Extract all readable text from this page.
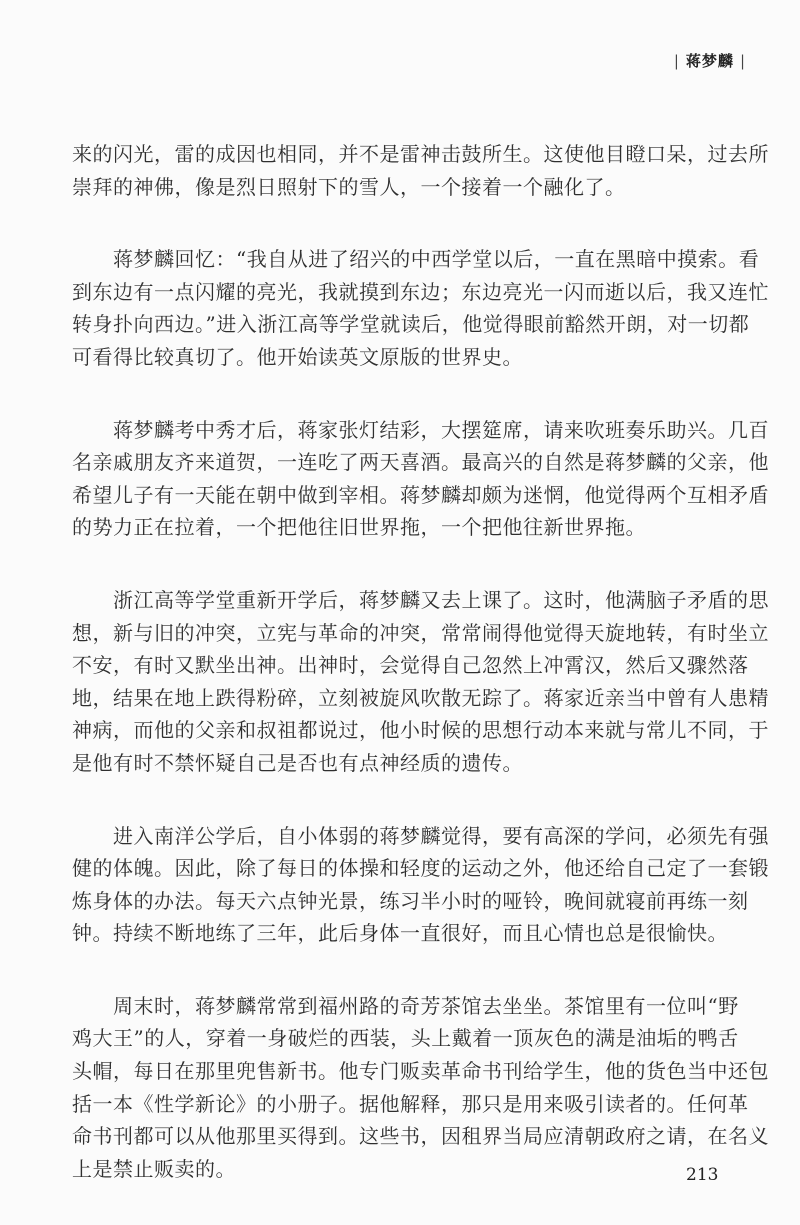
| 蒋梦麟 |
来的闪光，雷的成因也相同，并不是雷神击鼓所生。这使他目瞪口呆，过去所
崇拜的神佛，像是烈日照射下的雪人，一个接着一个融化了。
　　蒋梦麟回忆：“我自从进了绍兴的中西学堂以后，一直在黑暗中摸索。看
到东边有一点闪耀的亮光，我就摸到东边；东边亮光一闪而逝以后，我又连忙
转身扑向西边。”进入浙江高等学堂就读后，他觉得眼前豁然开朗，对一切都
可看得比较真切了。他开始读英文原版的世界史。
　　蒋梦麟考中秀才后，蒋家张灯结彩，大摆筵席，请来吹班奏乐助兴。几百
名亲戚朋友齐来道贺，一连吃了两天喜酒。最高兴的自然是蒋梦麟的父亲，他
希望儿子有一天能在朝中做到宰相。蒋梦麟却颇为迷惘，他觉得两个互相矛盾
的势力正在拉着，一个把他往旧世界拖，一个把他往新世界拖。
　　浙江高等学堂重新开学后，蒋梦麟又去上课了。这时，他满脑子矛盾的思
想，新与旧的冲突，立宪与革命的冲突，常常闹得他觉得天旋地转，有时坐立
不安，有时又默坐出神。出神时，会觉得自己忽然上冲霄汉，然后又骤然落
地，结果在地上跌得粉碎，立刻被旋风吹散无踪了。蒋家近亲当中曾有人患精
神病，而他的父亲和叔祖都说过，他小时候的思想行动本来就与常儿不同，于
是他有时不禁怀疑自己是否也有点神经质的遗传。
　　进入南洋公学后，自小体弱的蒋梦麟觉得，要有高深的学问，必须先有强
健的体魄。因此，除了每日的体操和轻度的运动之外，他还给自己定了一套锻
炼身体的办法。每天六点钟光景，练习半小时的哑铃，晚间就寝前再练一刻
钟。持续不断地练了三年，此后身体一直很好，而且心情也总是很愉快。
　　周末时，蒋梦麟常常到福州路的奇芳茶馆去坐坐。茶馆里有一位叫“野
鸡大王”的人，穿着一身破烂的西装，头上戴着一顶灰色的满是油垢的鸭舌
头帽，每日在那里兜售新书。他专门贩卖革命书刊给学生，他的货色当中还包
括一本《性学新论》的小册子。据他解释，那只是用来吸引读者的。任何革
命书刊都可以从他那里买得到。这些书，因租界当局应清朝政府之请，在名义
上是禁止贩卖的。	213
